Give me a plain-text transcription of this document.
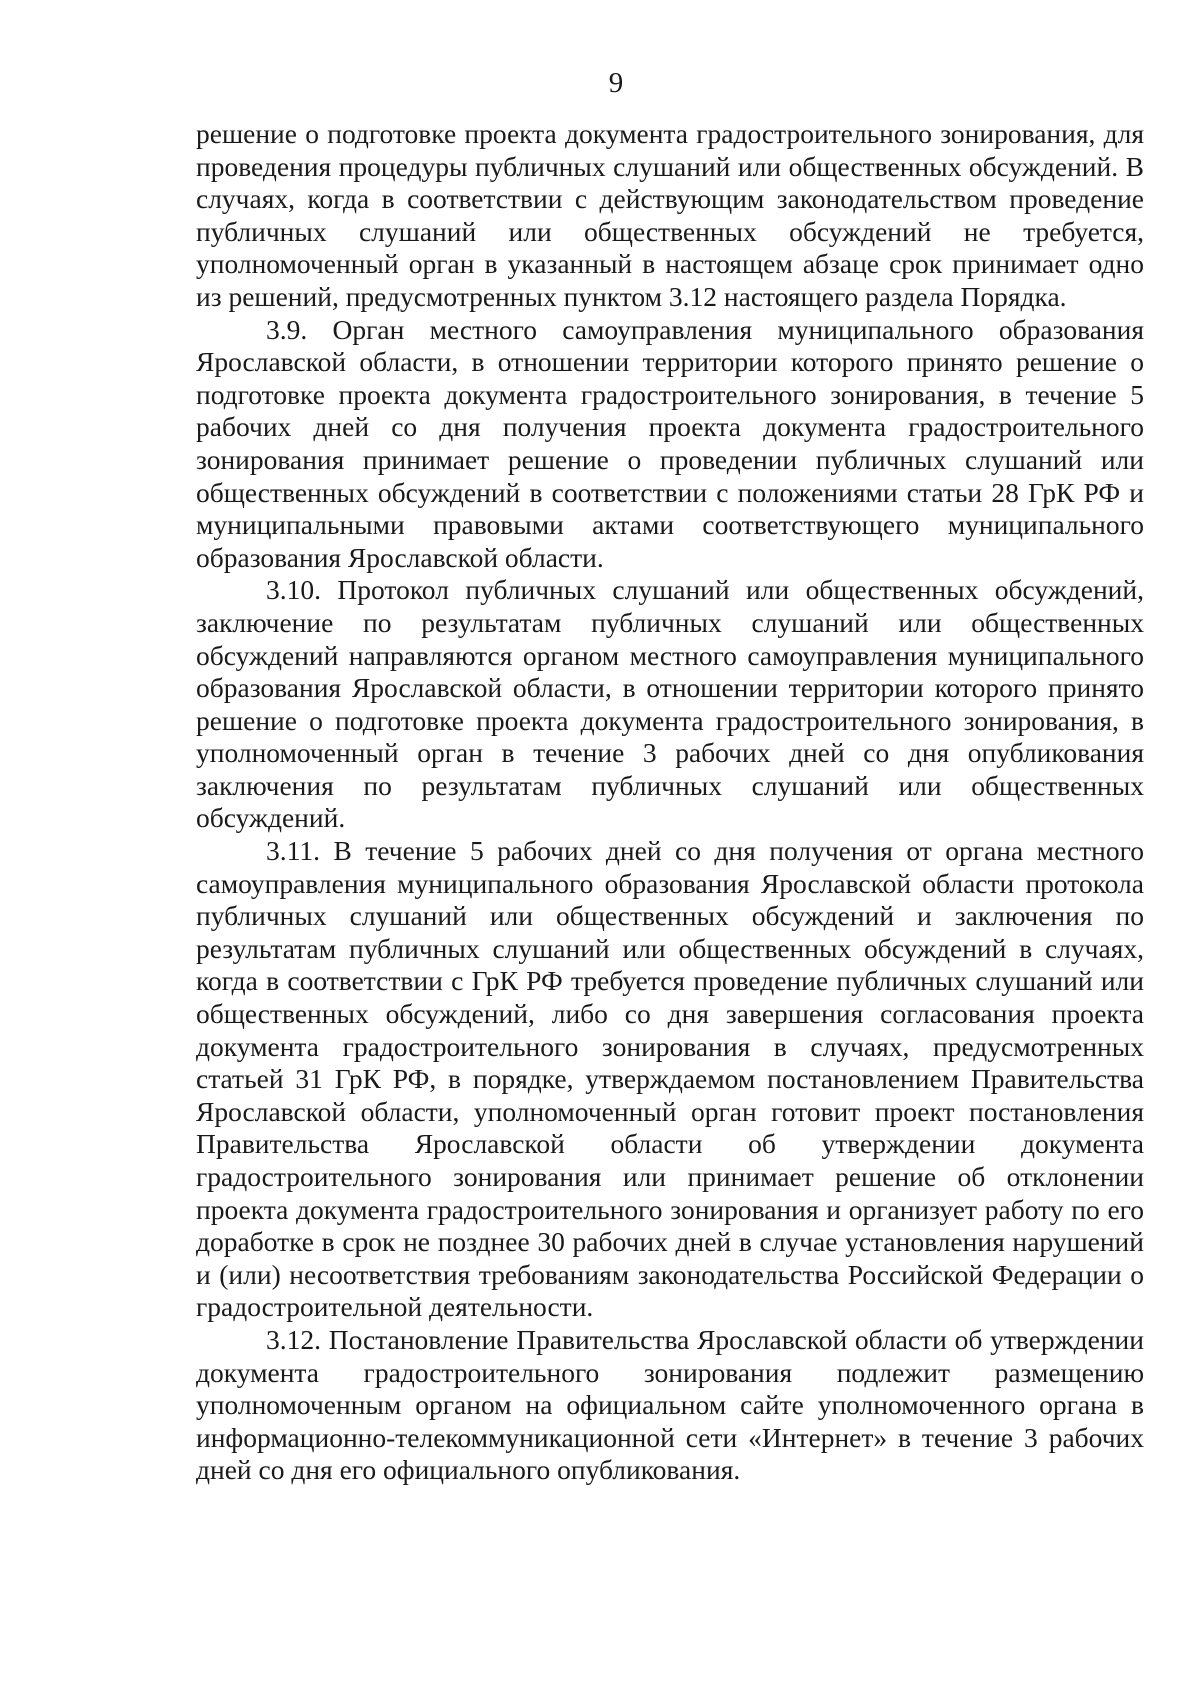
9

решение о подготовке проекта документа градостроительного зонирования, для проведения процедуры публичных слушаний или общественных обсуждений. В случаях, когда в соответствии с действующим законодательством проведение публичных слушаний или общественных обсуждений не требуется, уполномоченный орган в указанный в настоящем абзаце срок принимает одно из решений, предусмотренных пунктом 3.12 настоящего раздела Порядка.

3.9. Орган местного самоуправления муниципального образования Ярославской области, в отношении территории которого принято решение о подготовке проекта документа градостроительного зонирования, в течение 5 рабочих дней со дня получения проекта документа градостроительного зонирования принимает решение о проведении публичных слушаний или общественных обсуждений в соответствии с положениями статьи 28 ГрК РФ и муниципальными правовыми актами соответствующего муниципального образования Ярославской области.

3.10. Протокол публичных слушаний или общественных обсуждений, заключение по результатам публичных слушаний или общественных обсуждений направляются органом местного самоуправления муниципального образования Ярославской области, в отношении территории которого принято решение о подготовке проекта документа градостроительного зонирования, в уполномоченный орган в течение 3 рабочих дней со дня опубликования заключения по результатам публичных слушаний или общественных обсуждений.

3.11. В течение 5 рабочих дней со дня получения от органа местного самоуправления муниципального образования Ярославской области протокола публичных слушаний или общественных обсуждений и заключения по результатам публичных слушаний или общественных обсуждений в случаях, когда в соответствии с ГрК РФ требуется проведение публичных слушаний или общественных обсуждений, либо со дня завершения согласования проекта документа градостроительного зонирования в случаях, предусмотренных статьей 31 ГрК РФ, в порядке, утверждаемом постановлением Правительства Ярославской области, уполномоченный орган готовит проект постановления Правительства Ярославской области об утверждении документа градостроительного зонирования или принимает решение об отклонении проекта документа градостроительного зонирования и организует работу по его доработке в срок не позднее 30 рабочих дней в случае установления нарушений и (или) несоответствия требованиям законодательства Российской Федерации о градостроительной деятельности.

3.12. Постановление Правительства Ярославской области об утверждении документа градостроительного зонирования подлежит размещению уполномоченным органом на официальном сайте уполномоченного органа в информационно-телекоммуникационной сети «Интернет» в течение 3 рабочих дней со дня его официального опубликования.
